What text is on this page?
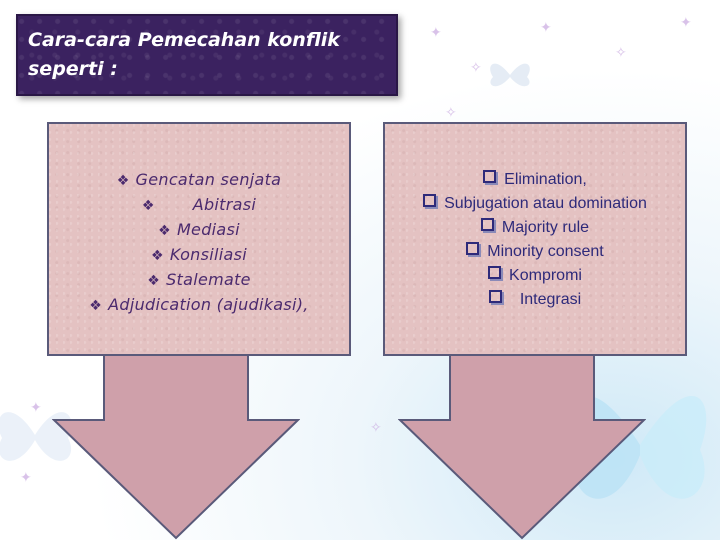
✦
✧
✦
✧
✦
✧
✦
✧
✦
Cara-cara Pemecahan konflik
seperti :
❖ Gencatan senjata
❖ Abitrasi
❖ Mediasi
❖ Konsiliasi
❖ Stalemate
❖ Adjudication (ajudikasi),
Elimination,
Subjugation atau domination
Majority rule
Minority consent
Kompromi
Integrasi
